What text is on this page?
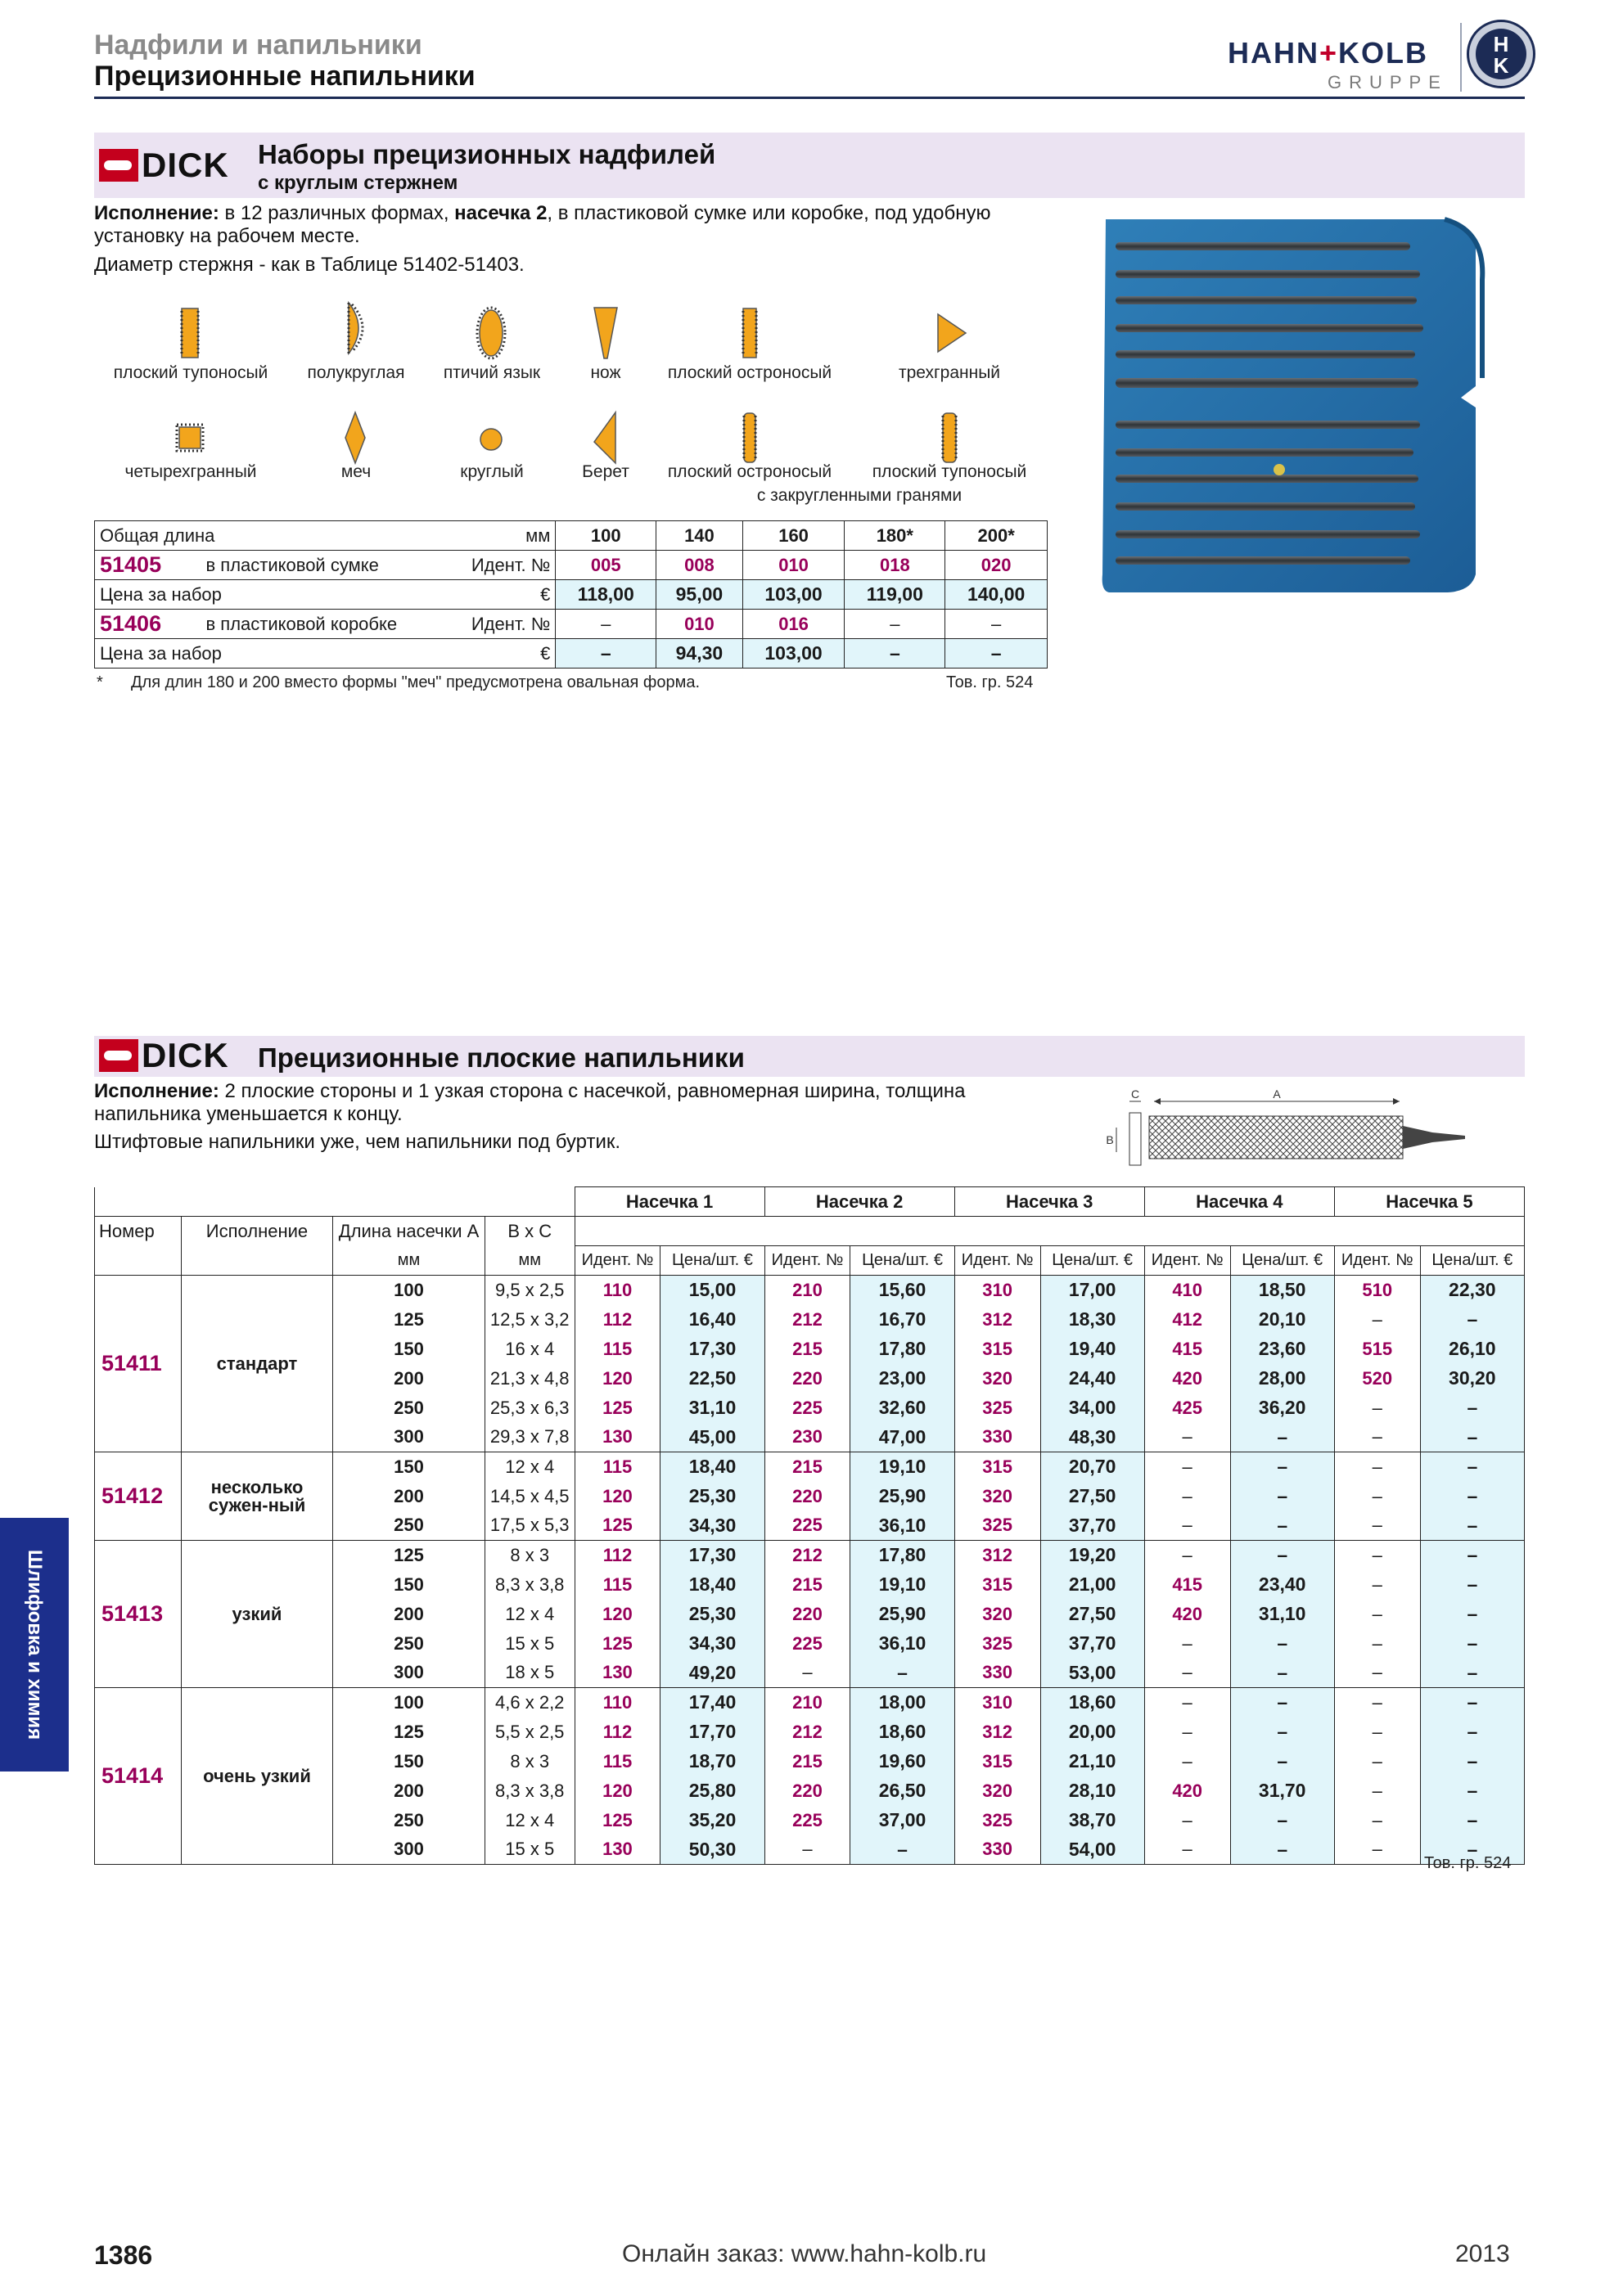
Надфили и напильники
Прецизионные напильники
HAHN+KOLB
GRUPPE
H
K
DICK Наборы прецизионных надфилей
с круглым стержнем
Исполнение: в 12 различных формах, насечка 2, в пластиковой сумке или коробке, под удобную установку на рабочем месте.
Диаметр стержня - как в Таблице 51402-51403.
плоский тупоносый	полукруглая	птичий язык	нож	плоский остроносый	трехгранный
четырехгранный	меч	круглый	Берет	плоский остроносый	плоский тупоносый
с закругленными гранями
Общая длина			мм	100	140	160	180*	200*
51405	в пластиковой сумке	Идент. №		005	008	010	018	020
Цена за набор			€	118,00	95,00	103,00	119,00	140,00
51406	в пластиковой коробке	Идент. №		–	010	016	–	–
Цена за набор			€	–	94,30	103,00	–	–
* Для длин 180 и 200 вместо формы "меч" предусмотрена овальная форма.	Тов. гр. 524
DICK Прецизионные плоские напильники
Исполнение: 2 плоские стороны и 1 узкая сторона с насечкой, равномерная ширина, толщина напильника уменьшается к концу.
Штифтовые напильники уже, чем напильники под буртик.
A
C
B
				Насечка 1		Насечка 2		Насечка 3		Насечка 4		Насечка 5	
Номер	Исполнение	Длина насечки A	B x C										
		мм	мм	Идент. №	Цена/шт. €	Идент. №	Цена/шт. €	Идент. №	Цена/шт. €	Идент. №	Цена/шт. €	Идент. №	Цена/шт. €
51411	стандарт	100	9,5 x 2,5	110	15,00	210	15,60	310	17,00	410	18,50	510	22,30
		125	12,5 x 3,2	112	16,40	212	16,70	312	18,30	412	20,10	–	–
		150	16 x 4	115	17,30	215	17,80	315	19,40	415	23,60	515	26,10
		200	21,3 x 4,8	120	22,50	220	23,00	320	24,40	420	28,00	520	30,20
		250	25,3 x 6,3	125	31,10	225	32,60	325	34,00	425	36,20	–	–
		300	29,3 x 7,8	130	45,00	230	47,00	330	48,30	–	–	–	–
51412	несколько сужен-ный	150	12 x 4	115	18,40	215	19,10	315	20,70	–	–	–	–
		200	14,5 x 4,5	120	25,30	220	25,90	320	27,50	–	–	–	–
		250	17,5 x 5,3	125	34,30	225	36,10	325	37,70	–	–	–	–
51413	узкий	125	8 x 3	112	17,30	212	17,80	312	19,20	–	–	–	–
		150	8,3 x 3,8	115	18,40	215	19,10	315	21,00	415	23,40	–	–
		200	12 x 4	120	25,30	220	25,90	320	27,50	420	31,10	–	–
		250	15 x 5	125	34,30	225	36,10	325	37,70	–	–	–	–
		300	18 x 5	130	49,20	–	–	330	53,00	–	–	–	–
51414	очень узкий	100	4,6 x 2,2	110	17,40	210	18,00	310	18,60	–	–	–	–
		125	5,5 x 2,5	112	17,70	212	18,60	312	20,00	–	–	–	–
		150	8 x 3	115	18,70	215	19,60	315	21,10	–	–	–	–
		200	8,3 x 3,8	120	25,80	220	26,50	320	28,10	420	31,70	–	–
		250	12 x 4	125	35,20	225	37,00	325	38,70	–	–	–	–
		300	15 x 5	130	50,30	–	–	330	54,00	–	–	–	–
Тов. гр. 524
Шлифовка и химия
1386	Онлайн заказ: www.hahn-kolb.ru	2013
